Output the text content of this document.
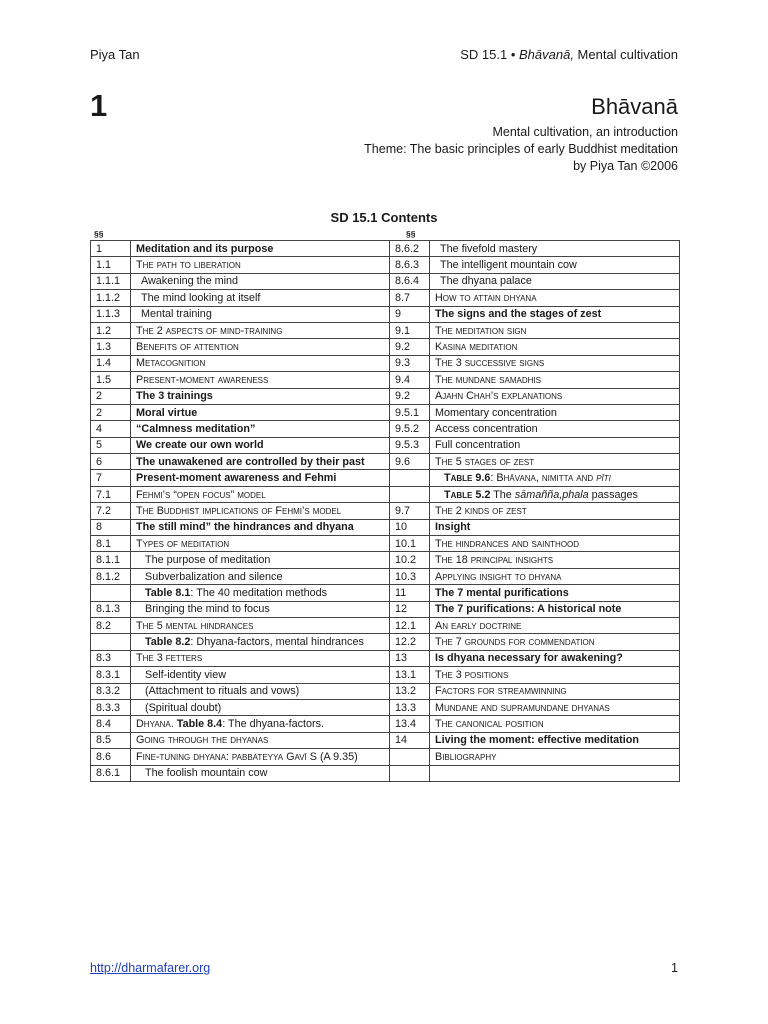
Piya Tan	SD 15.1 • Bhāvanā, Mental cultivation
1	Bhāvanā
Mental cultivation, an introduction
Theme: The basic principles of early Buddhist meditation
by Piya Tan ©2006
SD 15.1 Contents
§§	§§
1	Meditation and its purpose	8.6.2	The fivefold mastery
1.1	The path to liberation	8.6.3	The intelligent mountain cow
1.1.1	Awakening the mind	8.6.4	The dhyana palace
1.1.2	The mind looking at itself	8.7	How to attain dhyana
1.1.3	Mental training	9	The signs and the stages of zest
1.2	The 2 aspects of mind-training	9.1	The meditation sign
1.3	Benefits of attention	9.2	Kasina meditation
1.4	Metacognition	9.3	The 3 successive signs
1.5	Present-moment awareness	9.4	The mundane samadhis
2	The 3 trainings	9.2	Ajahn Chah’s explanations
2	Moral virtue	9.5.1	Momentary concentration
4	“Calmness meditation”	9.5.2	Access concentration
5	We create our own world	9.5.3	Full concentration
6	The unawakened are controlled by their past	9.6	The 5 stages of zest
7	Present-moment awareness and Fehmi		Table 9.6: Bhāvana, nimitta and pīti
7.1	Fehmi’s “open focus” model		Table 5.2 The sāmañña,phala passages
7.2	The Buddhist implications of Fehmi’s model	9.7	The 2 kinds of zest
8	The still mind” the hindrances and dhyana	10	Insight
8.1	Types of meditation	10.1	The hindrances and sainthood
8.1.1	The purpose of meditation	10.2	The 18 principal insights
8.1.2	Subverbalization and silence	10.3	Applying insight to dhyana
	Table 8.1: The 40 meditation methods	11	The 7 mental purifications
8.1.3	Bringing the mind to focus	12	The 7 purifications: A historical note
8.2	The 5 mental hindrances	12.1	An early doctrine
	Table 8.2: Dhyana-factors, mental hindrances	12.2	The 7 grounds for commendation
8.3	The 3 fetters	13	Is dhyana necessary for awakening?
8.3.1	Self-identity view	13.1	The 3 positions
8.3.2	(Attachment to rituals and vows)	13.2	Factors for streamwinning
8.3.3	(Spiritual doubt)	13.3	Mundane and supramundane dhyanas
8.4	Dhyana. Table 8.4: The dhyana-factors.	13.4	The canonical position
8.5	Going through the dhyanas	14	Living the moment: effective meditation
8.6	Fine-tuning dhyana: pabbateyya Gavī S (A 9.35)		Bibliography
8.6.1	The foolish mountain cow		
http://dharmafarer.org	1
